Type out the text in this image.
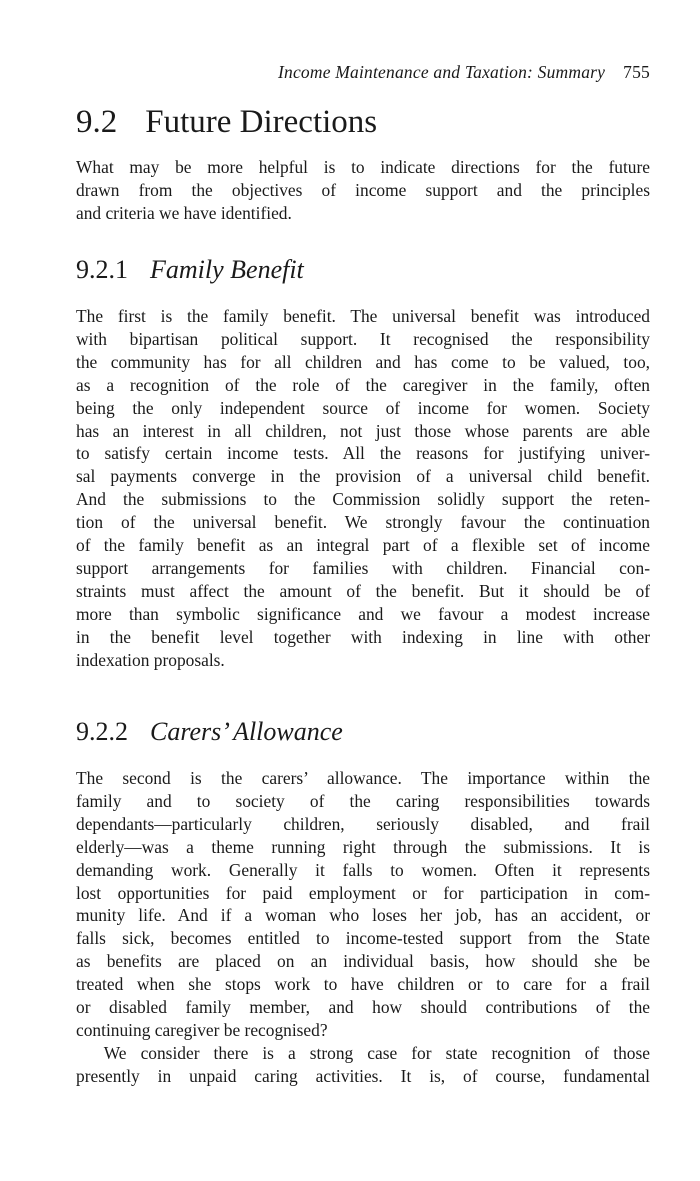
Income Maintenance and Taxation: Summary 755
9.2 Future Directions

What may be more helpful is to indicate directions for the future
drawn from the objectives of income support and the principles
and criteria we have identified.

9.2.1 Family Benefit

The first is the family benefit. The universal benefit was introduced
with bipartisan political support. It recognised the responsibility
the community has for all children and has come to be valued, too,
as a recognition of the role of the caregiver in the family, often
being the only independent source of income for women. Society
has an interest in all children, not just those whose parents are able
to satisfy certain income tests. All the reasons for justifying univer-
sal payments converge in the provision of a universal child benefit.
And the submissions to the Commission solidly support the reten-
tion of the universal benefit. We strongly favour the continuation
of the family benefit as an integral part of a flexible set of income
support arrangements for families with children. Financial con-
straints must affect the amount of the benefit. But it should be of
more than symbolic significance and we favour a modest increase
in the benefit level together with indexing in line with other
indexation proposals.

9.2.2 Carers’ Allowance

The second is the carers’ allowance. The importance within the
family and to society of the caring responsibilities towards
dependants—particularly children, seriously disabled, and frail
elderly—was a theme running right through the submissions. It is
demanding work. Generally it falls to women. Often it represents
lost opportunities for paid employment or for participation in com-
munity life. And if a woman who loses her job, has an accident, or
falls sick, becomes entitled to income-tested support from the State
as benefits are placed on an individual basis, how should she be
treated when she stops work to have children or to care for a frail
or disabled family member, and how should contributions of the
continuing caregiver be recognised?
We consider there is a strong case for state recognition of those
presently in unpaid caring activities. It is, of course, fundamental
